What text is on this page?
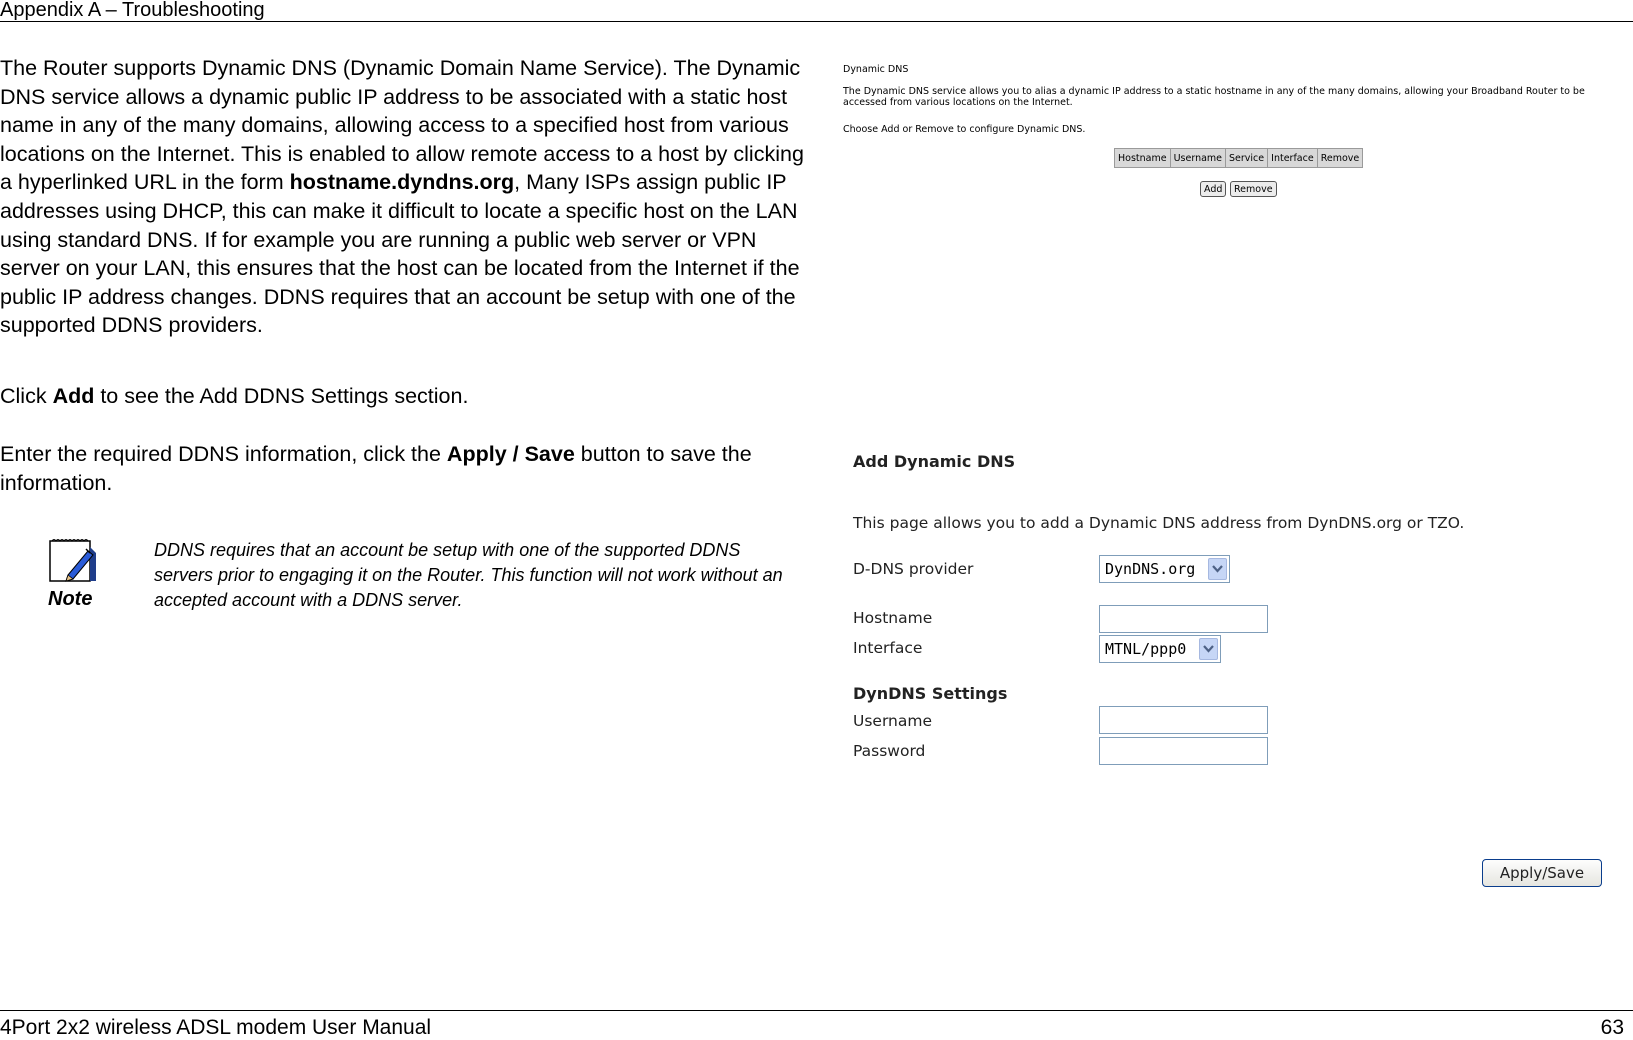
Appendix A – Troubleshooting
The Router supports Dynamic DNS (Dynamic Domain Name Service). The Dynamic DNS service allows a dynamic public IP address to be associated with a static host name in any of the many domains, allowing access to a specified host from various locations on the Internet. This is enabled to allow remote access to a host by clicking a hyperlinked URL in the form hostname.dyndns.org, Many ISPs assign public IP addresses using DHCP, this can make it difficult to locate a specific host on the LAN using standard DNS. If for example you are running a public web server or VPN server on your LAN, this ensures that the host can be located from the Internet if the public IP address changes. DDNS requires that an account be setup with one of the supported DDNS providers.
Click Add to see the Add DDNS Settings section.
Enter the required DDNS information, click the Apply / Save button to save the information.
Note
DDNS requires that an account be setup with one of the supported DDNS servers prior to engaging it on the Router. This function will not work without an accepted account with a DDNS server.
Dynamic DNS
The Dynamic DNS service allows you to alias a dynamic IP address to a static hostname in any of the many domains, allowing your Broadband Router to be accessed from various locations on the Internet.
Choose Add or Remove to configure Dynamic DNS.
Hostname	Username	Service	Interface	Remove
Add	Remove
Add Dynamic DNS
This page allows you to add a Dynamic DNS address from DynDNS.org or TZO.
D-DNS provider	DynDNS.org
Hostname
Interface	MTNL/ppp0
DynDNS Settings
Username
Password
Apply/Save
4Port 2x2 wireless ADSL modem User Manual	63
